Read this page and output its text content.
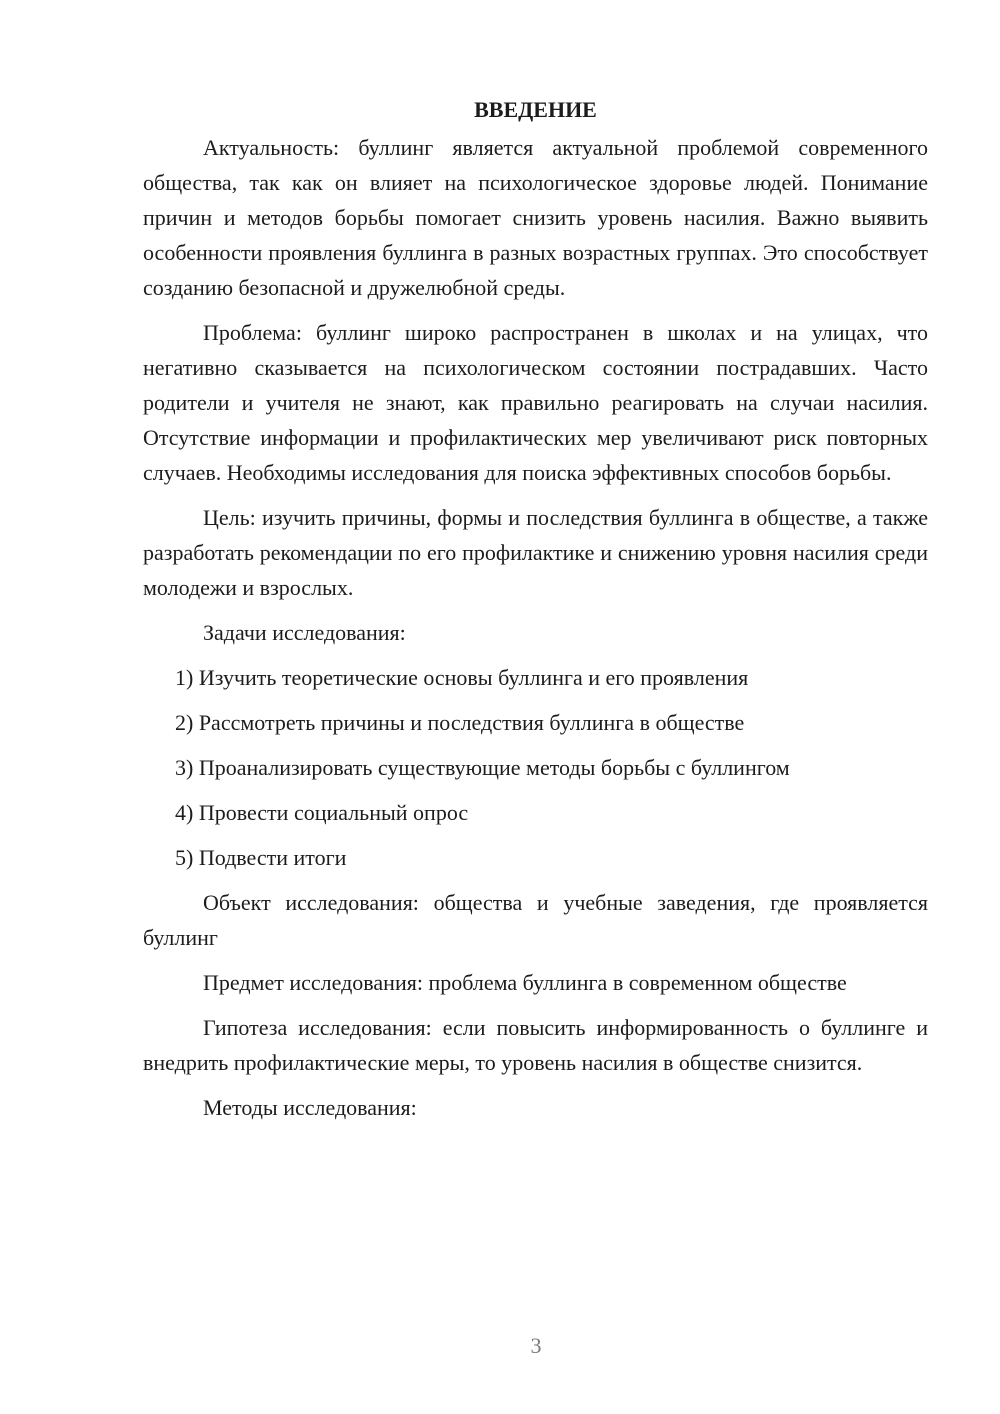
ВВЕДЕНИЕ

Актуальность: буллинг является актуальной проблемой современного общества, так как он влияет на психологическое здоровье людей. Понимание причин и методов борьбы помогает снизить уровень насилия. Важно выявить особенности проявления буллинга в разных возрастных группах. Это способствует созданию безопасной и дружелюбной среды.

Проблема: буллинг широко распространен в школах и на улицах, что негативно сказывается на психологическом состоянии пострадавших. Часто родители и учителя не знают, как правильно реагировать на случаи насилия. Отсутствие информации и профилактических мер увеличивают риск повторных случаев. Необходимы исследования для поиска эффективных способов борьбы.

Цель: изучить причины, формы и последствия буллинга в обществе, а также разработать рекомендации по его профилактике и снижению уровня насилия среди молодежи и взрослых.

Задачи исследования:

1) Изучить теоретические основы буллинга и его проявления
2) Рассмотреть причины и последствия буллинга в обществе
3) Проанализировать существующие методы борьбы с буллингом
4) Провести социальный опрос
5) Подвести итоги

Объект исследования: общества и учебные заведения, где проявляется буллинг

Предмет исследования: проблема буллинга в современном обществе

Гипотеза исследования: если повысить информированность о буллинге и внедрить профилактические меры, то уровень насилия в обществе снизится.

Методы исследования:

3
